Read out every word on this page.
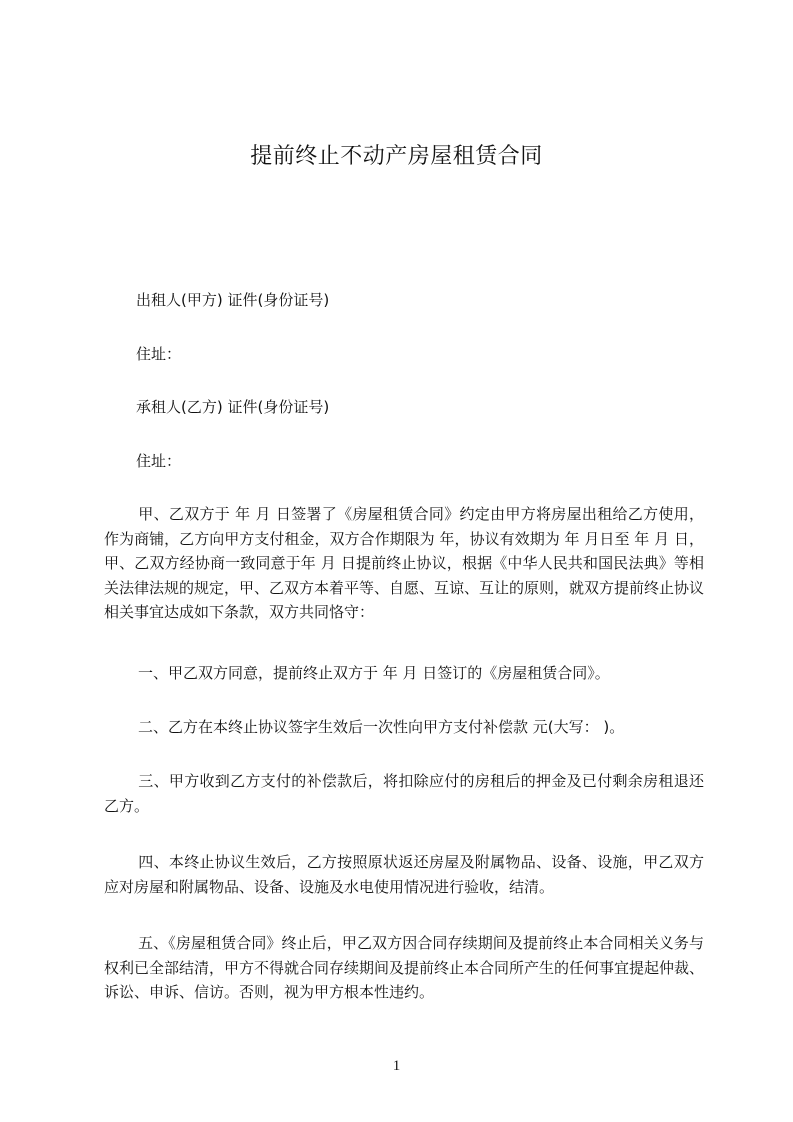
提前终止不动产房屋租赁合同
出租人(甲方) 证件(身份证号)
住址：
承租人(乙方) 证件(身份证号)
住址：
甲、乙双方于 年 月 日签署了《房屋租赁合同》约定由甲方将房屋出租给乙方使用，作为商铺，乙方向甲方支付租金，双方合作期限为 年，协议有效期为 年 月日至 年 月 日，甲、乙双方经协商一致同意于年 月 日提前终止协议，根据《中华人民共和国民法典》等相关法律法规的规定，甲、乙双方本着平等、自愿、互谅、互让的原则，就双方提前终止协议相关事宜达成如下条款，双方共同恪守：
一、甲乙双方同意，提前终止双方于 年 月 日签订的《房屋租赁合同》。
二、乙方在本终止协议签字生效后一次性向甲方支付补偿款 元(大写： )。
三、甲方收到乙方支付的补偿款后，将扣除应付的房租后的押金及已付剩余房租退还乙方。
四、本终止协议生效后，乙方按照原状返还房屋及附属物品、设备、设施，甲乙双方应对房屋和附属物品、设备、设施及水电使用情况进行验收，结清。
五、《房屋租赁合同》终止后，甲乙双方因合同存续期间及提前终止本合同相关义务与权利已全部结清，甲方不得就合同存续期间及提前终止本合同所产生的任何事宜提起仲裁、诉讼、申诉、信访。否则，视为甲方根本性违约。
1
